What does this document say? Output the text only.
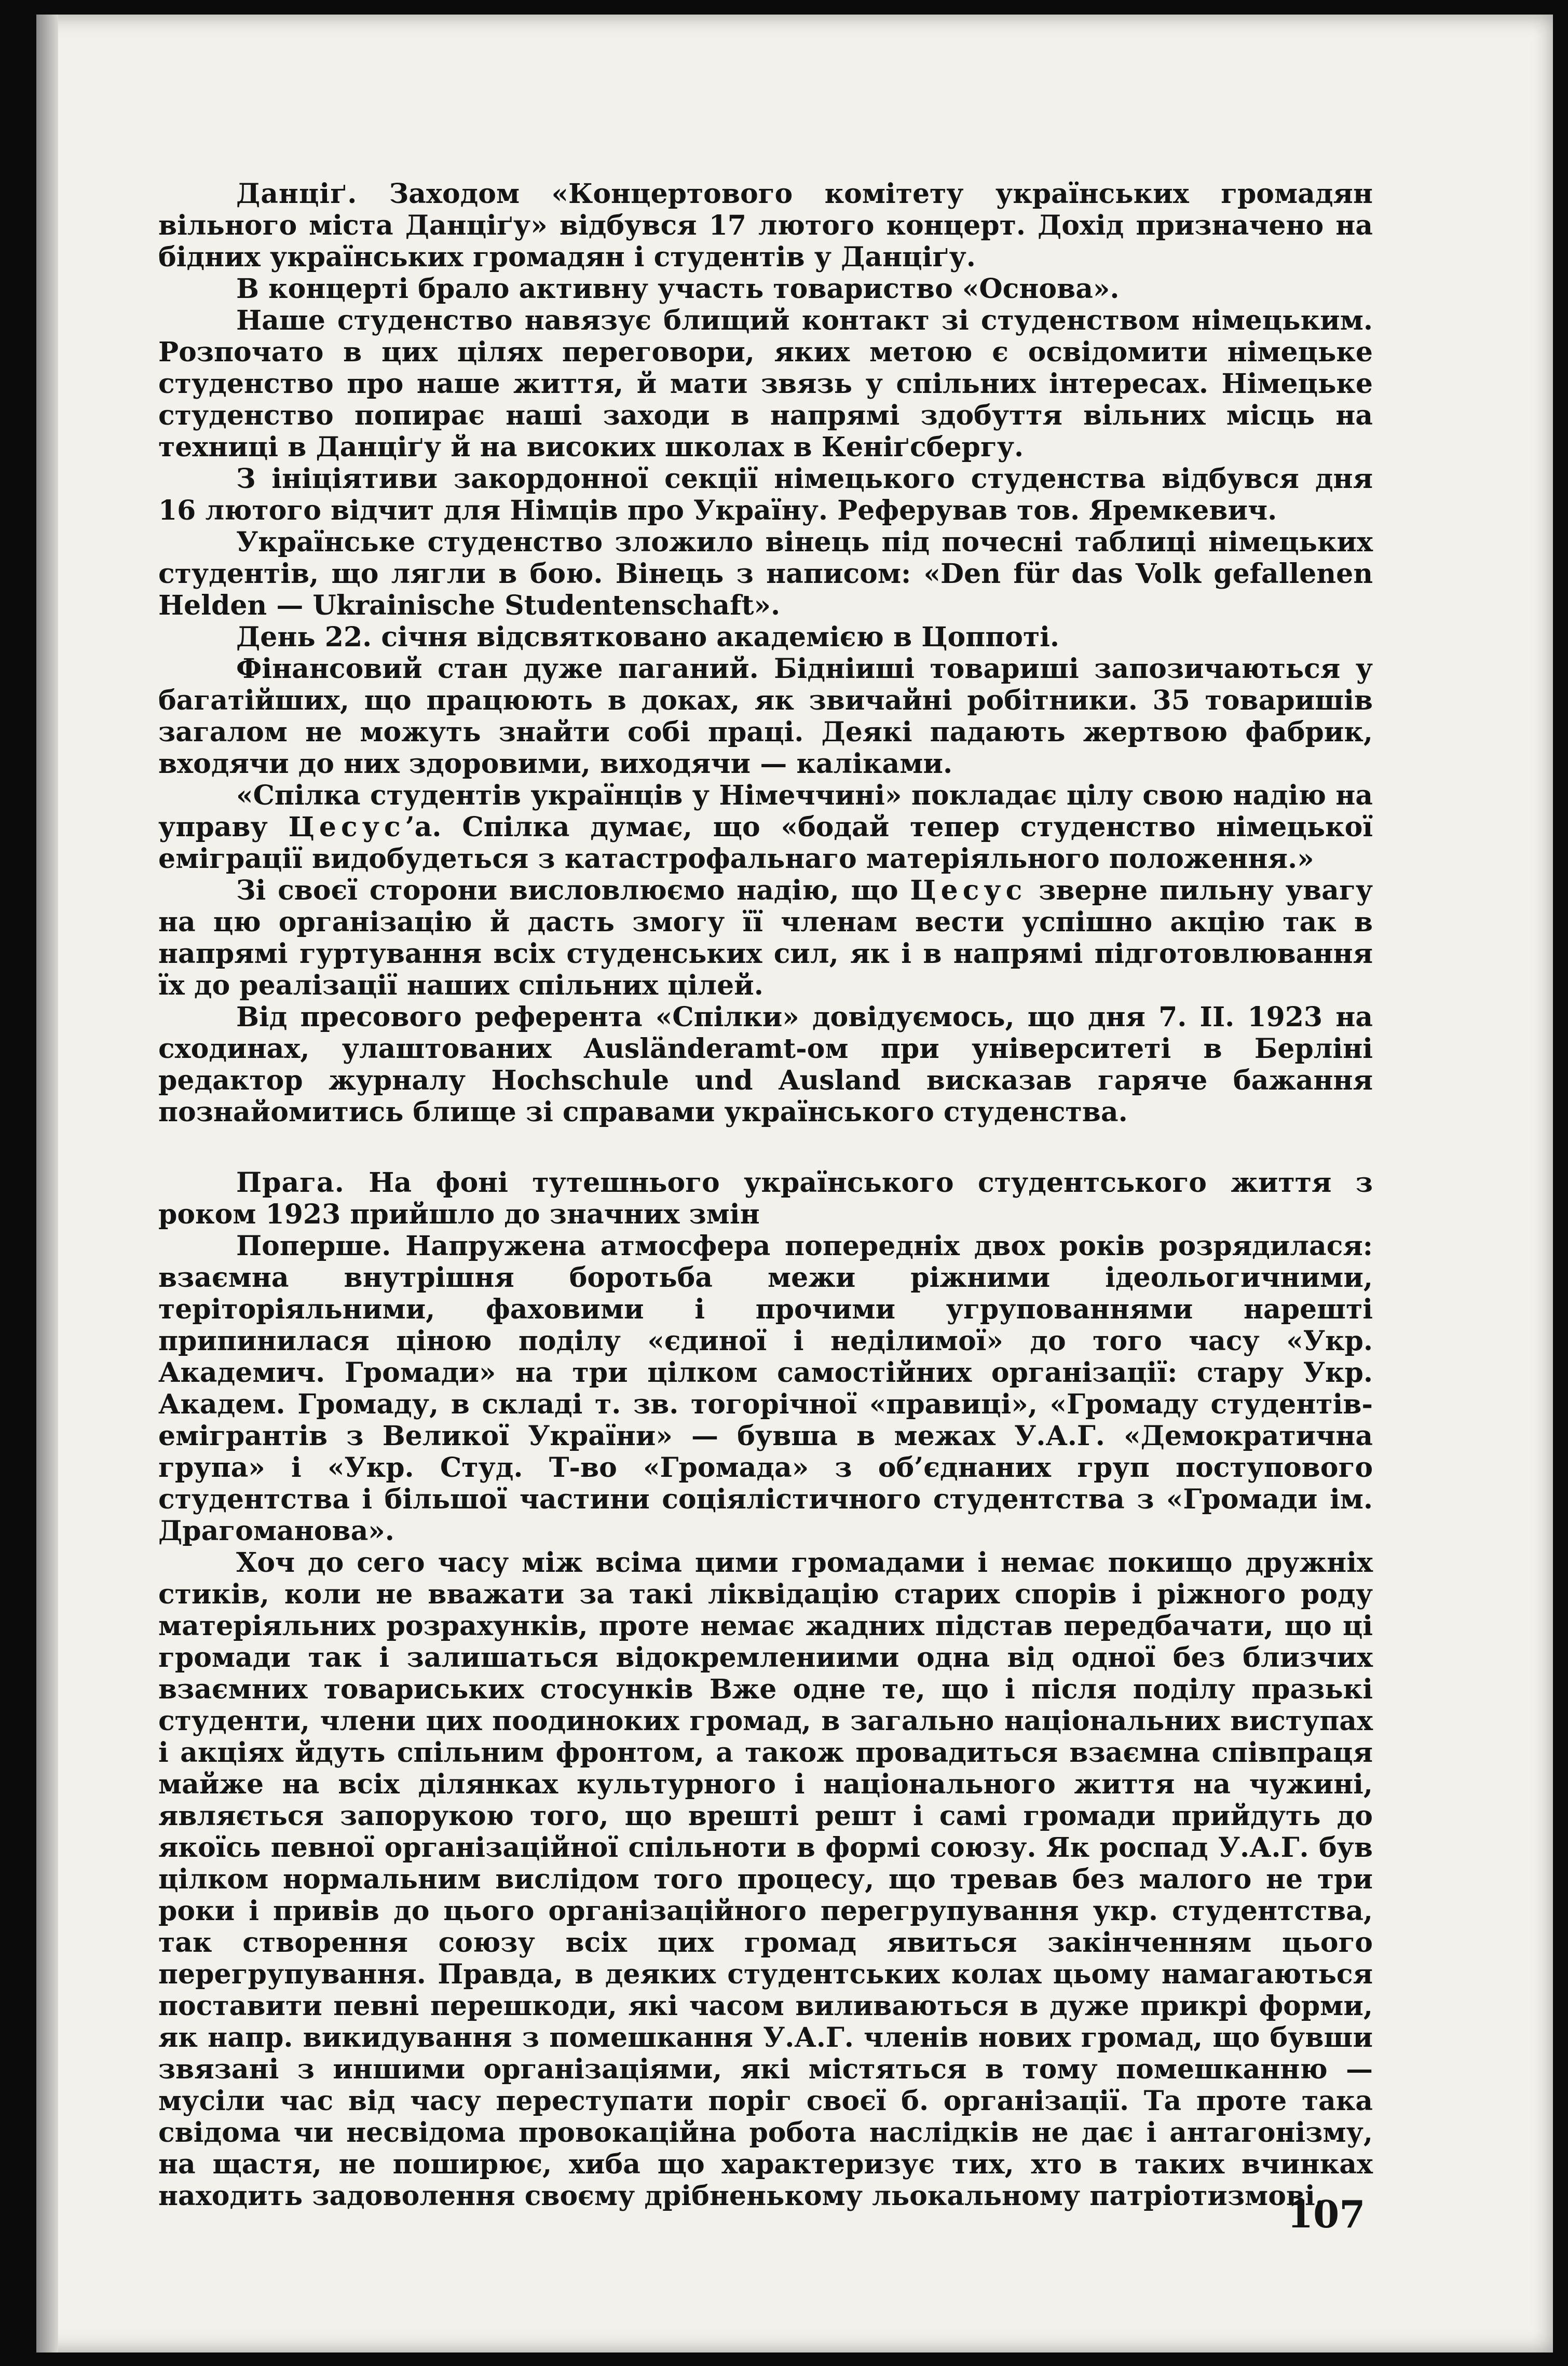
Данціґ. Заходом «Концертового комітету українських громадян вільного міста Данціґу» відбувся 17 лютого концерт. Дохід призначено на бідних українських громадян і студентів у Данціґу.

В концерті брало активну участь товариство «Основа».

Наше студенство навязує блищий контакт зі студенством німецьким. Розпочато в цих цілях переговори, яких метою є освідомити німецьке студенство про наше життя, й мати звязь у спільних інтересах. Німецьке студенство попирає наші заходи в напрямі здобуття вільних місць на техниці в Данціґу й на високих школах в Кеніґсбергу.

З ініціятиви закордонної секції німецького студенства відбувся дня 16 лютого відчит для Німців про Україну. Реферував тов. Яремкевич.

Українське студенство зложило вінець під почесні таблиці німецьких студентів, що лягли в бою. Вінець з написом: «Den für das Volk gefallenen Helden — Ukrainische Studentenschaft».

День 22. січня відсвятковано академією в Цоппоті.

Фінансовий стан дуже паганий. Бідніиші товариші запозичаються у багатійших, що працюють в доках, як звичайні робітники. 35 товаришів загалом не можуть знайти собі праці. Деякі падають жертвою фабрик, входячи до них здоровими, виходячи — каліками.

«Спілка студентів українців у Німеччині» покладає цілу свою надію на управу Цесус’а. Спілка думає, що «бодай тепер студенство німецької еміграції видобудеться з катастрофальнаго матеріяльного положення.»

Зі своєї сторони висловлюємо надію, що Цесус зверне пильну увагу на цю організацію й дасть змогу її членам вести успішно акцію так в напрямі гуртування всіх студенських сил, як і в напрямі підготовлювання їх до реалізації наших спільних цілей.

Від пресового референта «Спілки» довідуємось, що дня 7. II. 1923 на сходинах, улаштованих Ausländeramt-ом при університеті в Берліні редактор журналу Hochschule und Ausland висказав гаряче бажання познайомитись блище зі справами українського студенства.

Прага. На фоні тутешнього українського студентського життя з роком 1923 прийшло до значних змін

Поперше. Напружена атмосфера попередніх двох років розрядилася: взаємна внутрішня боротьба межи ріжними ідеольогичними, теріторіяльними, фаховими і прочими угрупованнями нарешті припинилася ціною поділу «єдиної і неділимої» до того часу «Укр. Академич. Громади» на три цілком самостійних організації: стару Укр. Академ. Громаду, в складі т. зв. тогорічної «правиці», «Громаду студентів-емігрантів з Великої України» — бувша в межах У.А.Г. «Демократична група» і «Укр. Студ. Т-во «Громада» з об’єднаних груп поступового студентства і більшої частини соціялістичного студентства з «Громади ім. Драгоманова».

Хоч до сего часу між всіма цими громадами і немає покищо дружніх стиків, коли не вважати за такі ліквідацію старих спорів і ріжного роду матеріяльних розрахунків, проте немає жадних підстав передбачати, що ці громади так і залишаться відокремлениими одна від одної без близчих взаємних товариських стосунків Вже одне те, що і після поділу празькі студенти, члени цих поодиноких громад, в загально національних виступах і акціях йдуть спільним фронтом, а також провадиться взаємна співпраця майже на всіх ділянках культурного і національного життя на чужині, являється запорукою того, що врешті решт і самі громади прийдуть до якоїсь певної організаційної спільноти в формі союзу. Як роспад У.А.Г. був цілком нормальним вислідом того процесу, що тревав без малого не три роки і привів до цього організаційного перегрупування укр. студентства, так створення союзу всіх цих громад явиться закінченням цього перегрупування. Правда, в деяких студентських колах цьому намагаються поставити певні перешкоди, які часом виливаються в дуже прикрі форми, як напр. викидування з помешкання У.А.Г. членів нових громад, що бувши звязані з иншими організаціями, які містяться в тому помешканню — мусіли час від часу переступати поріг своєї б. організації. Та проте така свідома чи несвідома провокаційна робота наслідків не дає і антагонізму, на щастя, не поширює, хиба що характеризує тих, хто в таких вчинках находить задоволення своєму дрібненькому льокальному патріотизмові.

107
